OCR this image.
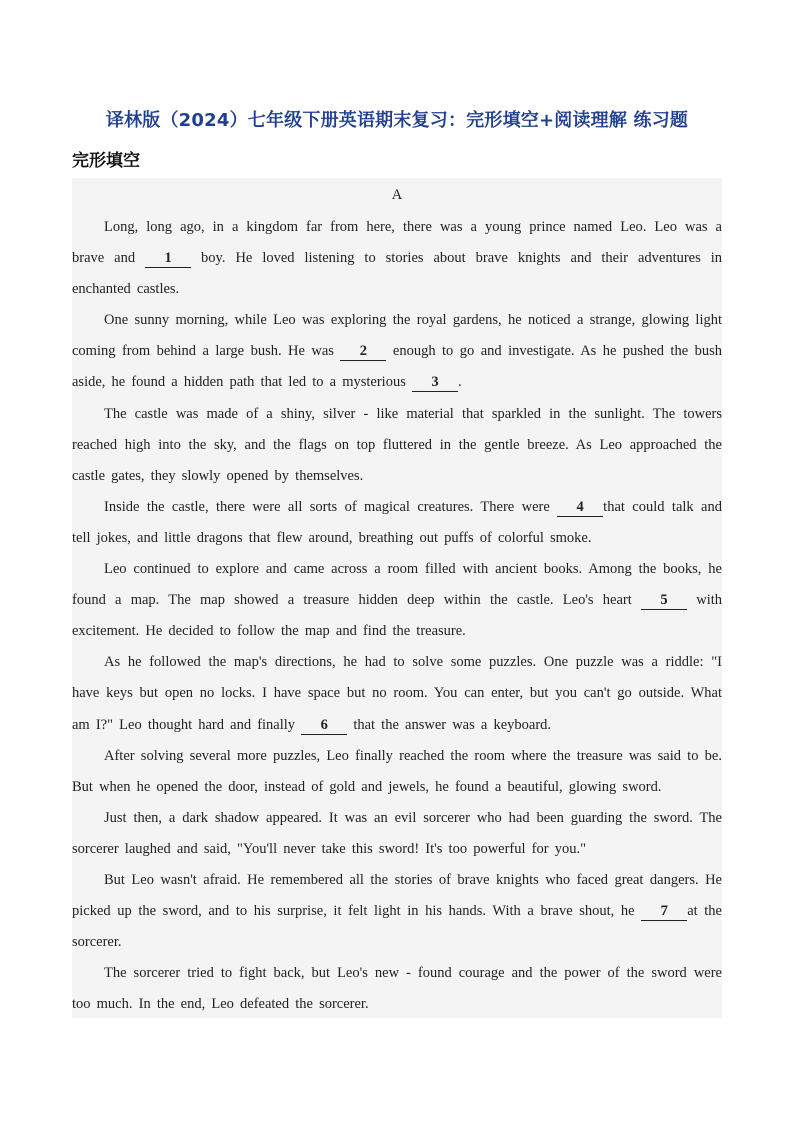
译林版（2024）七年级下册英语期末复习：完形填空+阅读理解 练习题
完形填空
A

Long, long ago, in a kingdom far from here, there was a young prince named Leo. Leo was a brave and 1 boy. He loved listening to stories about brave knights and their adventures in enchanted castles.

One sunny morning, while Leo was exploring the royal gardens, he noticed a strange, glowing light coming from behind a large bush. He was 2 enough to go and investigate. As he pushed the bush aside, he found a hidden path that led to a mysterious 3 .

The castle was made of a shiny, silver - like material that sparkled in the sunlight. The towers reached high into the sky, and the flags on top fluttered in the gentle breeze. As Leo approached the castle gates, they slowly opened by themselves.

Inside the castle, there were all sorts of magical creatures. There were 4 that could talk and tell jokes, and little dragons that flew around, breathing out puffs of colorful smoke.

Leo continued to explore and came across a room filled with ancient books. Among the books, he found a map. The map showed a treasure hidden deep within the castle. Leo's heart 5 with excitement. He decided to follow the map and find the treasure.

As he followed the map's directions, he had to solve some puzzles. One puzzle was a riddle: "I have keys but open no locks. I have space but no room. You can enter, but you can't go outside. What am I?" Leo thought hard and finally 6 that the answer was a keyboard.

After solving several more puzzles, Leo finally reached the room where the treasure was said to be. But when he opened the door, instead of gold and jewels, he found a beautiful, glowing sword.

Just then, a dark shadow appeared. It was an evil sorcerer who had been guarding the sword. The sorcerer laughed and said, "You'll never take this sword! It's too powerful for you."

But Leo wasn't afraid. He remembered all the stories of brave knights who faced great dangers. He picked up the sword, and to his surprise, it felt light in his hands. With a brave shout, he 7 at the sorcerer.

The sorcerer tried to fight back, but Leo's new - found courage and the power of the sword were too much. In the end, Leo defeated the sorcerer.
